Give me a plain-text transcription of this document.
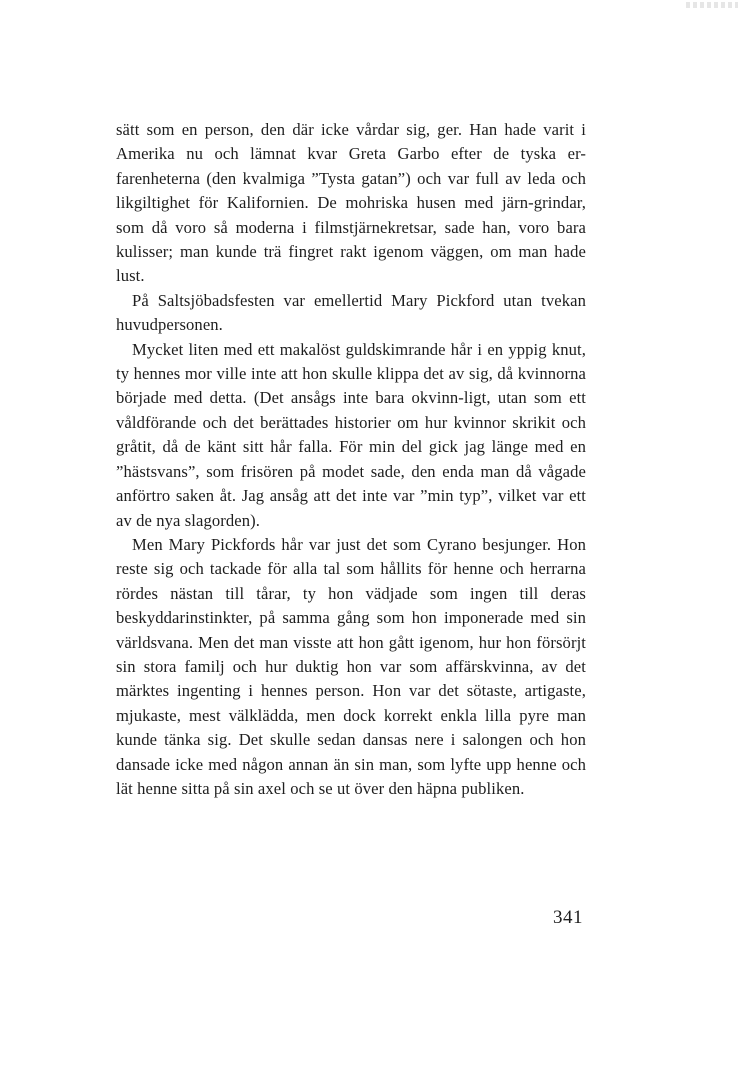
sätt som en person, den där icke vårdar sig, ger. Han hade varit i Amerika nu och lämnat kvar Greta Garbo efter de tyska er-farenheterna (den kvalmiga ”Tysta gatan”) och var full av leda och likgiltighet för Kalifornien. De mohriska husen med järn-grindar, som då voro så moderna i filmstjärnekretsar, sade han, voro bara kulisser; man kunde trä fingret rakt igenom väggen, om man hade lust.

På Saltsjöbadsfesten var emellertid Mary Pickford utan tvekan huvudpersonen.

Mycket liten med ett makalöst guldskimrande hår i en yppig knut, ty hennes mor ville inte att hon skulle klippa det av sig, då kvinnorna började med detta. (Det ansågs inte bara okvinn-ligt, utan som ett våldförande och det berättades historier om hur kvinnor skrikit och gråtit, då de känt sitt hår falla. För min del gick jag länge med en ”hästsvans”, som frisören på modet sade, den enda man då vågade anförtro saken åt. Jag ansåg att det inte var ”min typ”, vilket var ett av de nya slagorden).

Men Mary Pickfords hår var just det som Cyrano besjunger. Hon reste sig och tackade för alla tal som hållits för henne och herrarna rördes nästan till tårar, ty hon vädjade som ingen till deras beskyddarinstinkter, på samma gång som hon imponerade med sin världsvana. Men det man visste att hon gått igenom, hur hon försörjt sin stora familj och hur duktig hon var som affärskvinna, av det märktes ingenting i hennes person. Hon var det sötaste, artigaste, mjukaste, mest välklädda, men dock korrekt enkla lilla pyre man kunde tänka sig. Det skulle sedan dansas nere i salongen och hon dansade icke med någon annan än sin man, som lyfte upp henne och lät henne sitta på sin axel och se ut över den häpna publiken.

341
